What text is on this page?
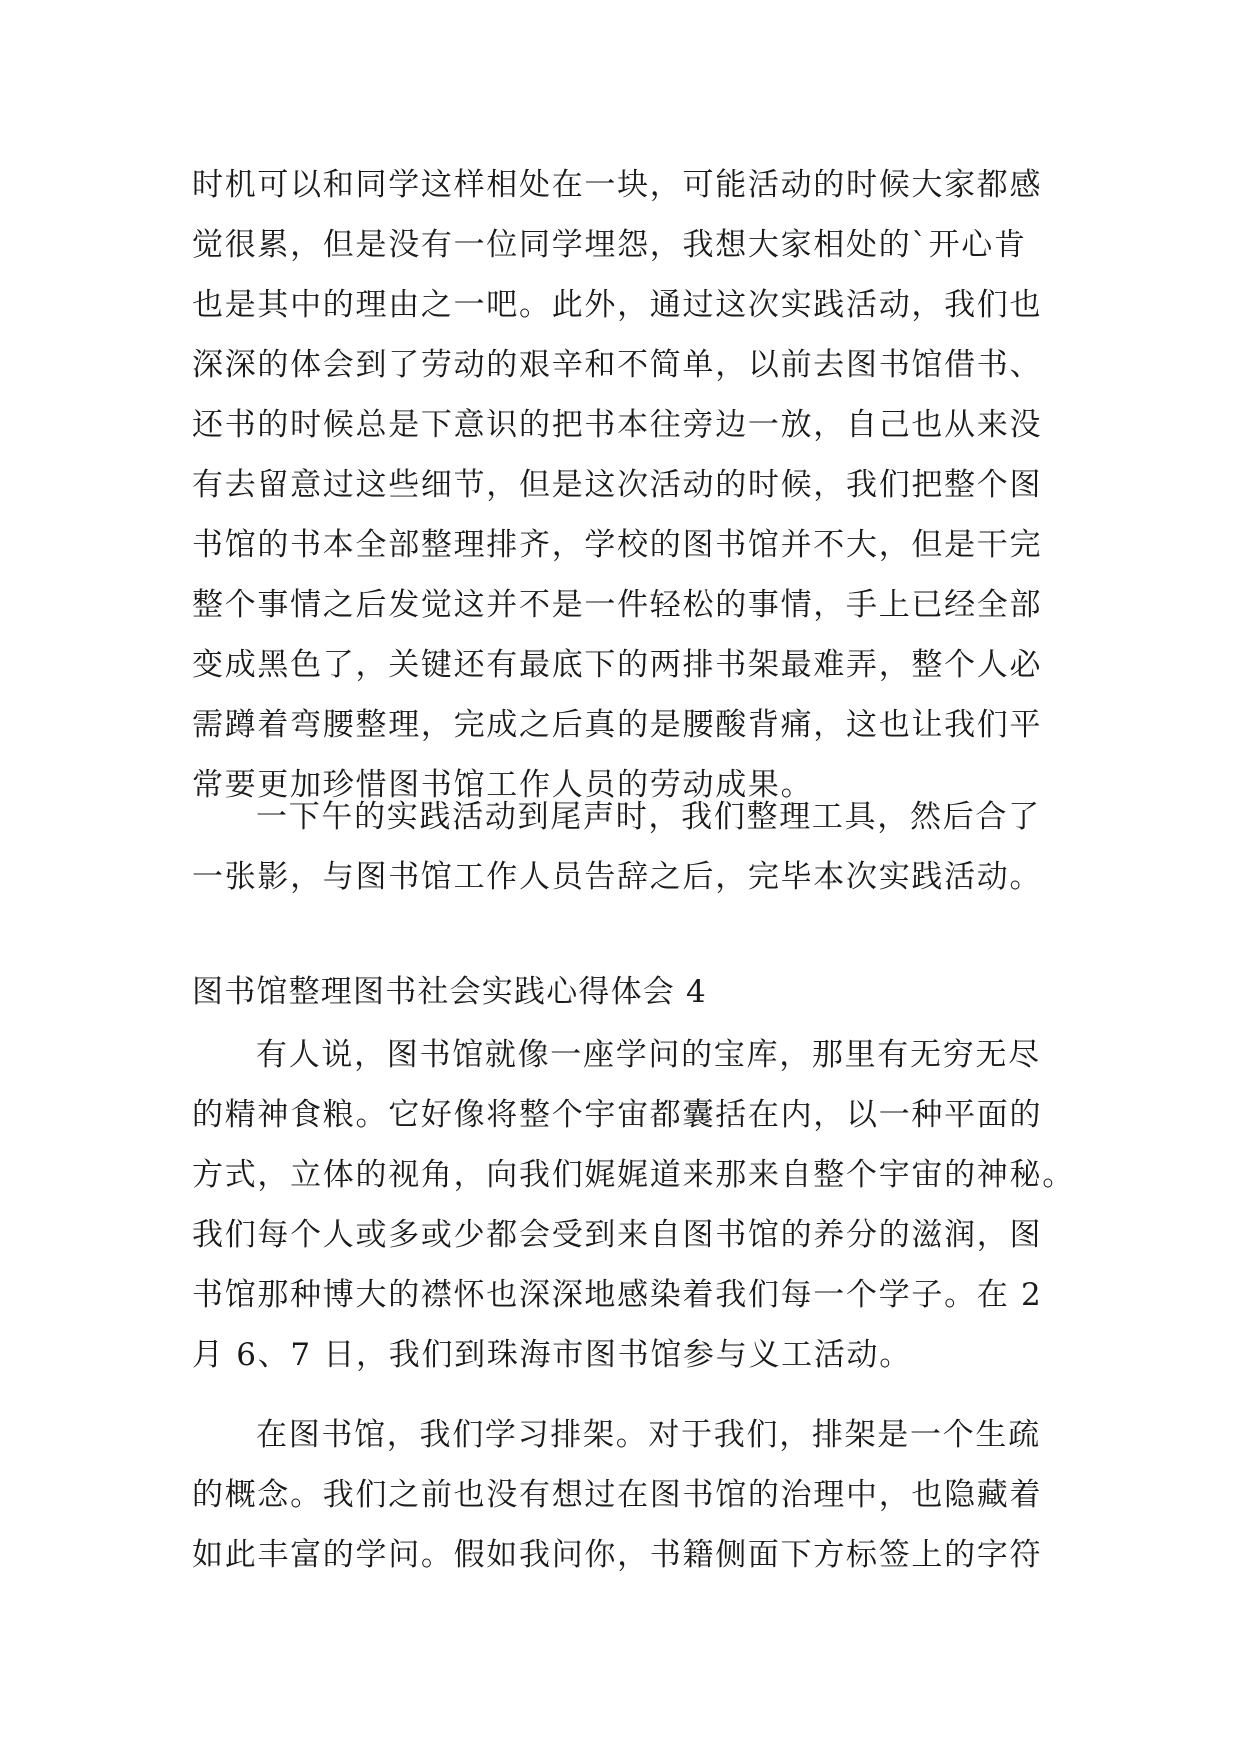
时机可以和同学这样相处在一块，可能活动的时候大家都感
觉很累，但是没有一位同学埋怨，我想大家相处的`开心肯
也是其中的理由之一吧。此外，通过这次实践活动，我们也
深深的体会到了劳动的艰辛和不简单，以前去图书馆借书、
还书的时候总是下意识的把书本往旁边一放，自己也从来没
有去留意过这些细节，但是这次活动的时候，我们把整个图
书馆的书本全部整理排齐，学校的图书馆并不大，但是干完
整个事情之后发觉这并不是一件轻松的事情，手上已经全部
变成黑色了，关键还有最底下的两排书架最难弄，整个人必
需蹲着弯腰整理，完成之后真的是腰酸背痛，这也让我们平
常要更加珍惜图书馆工作人员的劳动成果。
一下午的实践活动到尾声时，我们整理工具，然后合了
一张影，与图书馆工作人员告辞之后，完毕本次实践活动。
图书馆整理图书社会实践心得体会 4
有人说，图书馆就像一座学问的宝库，那里有无穷无尽
的精神食粮。它好像将整个宇宙都囊括在内，以一种平面的
方式，立体的视角，向我们娓娓道来那来自整个宇宙的神秘。
我们每个人或多或少都会受到来自图书馆的养分的滋润，图
书馆那种博大的襟怀也深深地感染着我们每一个学子。在 2
月 6、7 日，我们到珠海市图书馆参与义工活动。
在图书馆，我们学习排架。对于我们，排架是一个生疏
的概念。我们之前也没有想过在图书馆的治理中，也隐藏着
如此丰富的学问。假如我问你，书籍侧面下方标签上的字符
